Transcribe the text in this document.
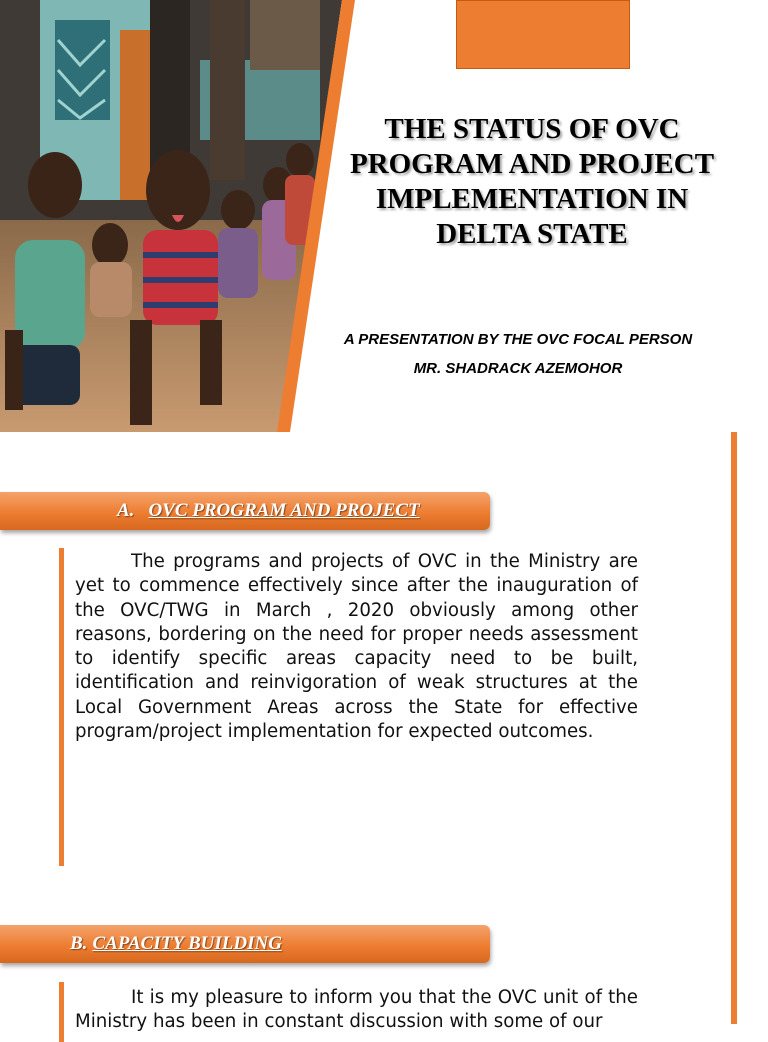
THE STATUS OF OVC PROGRAM AND PROJECT IMPLEMENTATION IN DELTA STATE
A PRESENTATION BY THE OVC FOCAL PERSON
MR. SHADRACK AZEMOHOR
A. OVC PROGRAM AND PROJECT

The programs and projects of OVC in the Ministry are yet to commence effectively since after the inauguration of the OVC/TWG in March , 2020 obviously among other reasons, bordering on the need for proper needs assessment to identify specific areas capacity need to be built, identification and reinvigoration of weak structures at the Local Government Areas across the State for effective program/project implementation for expected outcomes.

B. CAPACITY BUILDING

It is my pleasure to inform you that the OVC unit of the Ministry has been in constant discussion with some of our
